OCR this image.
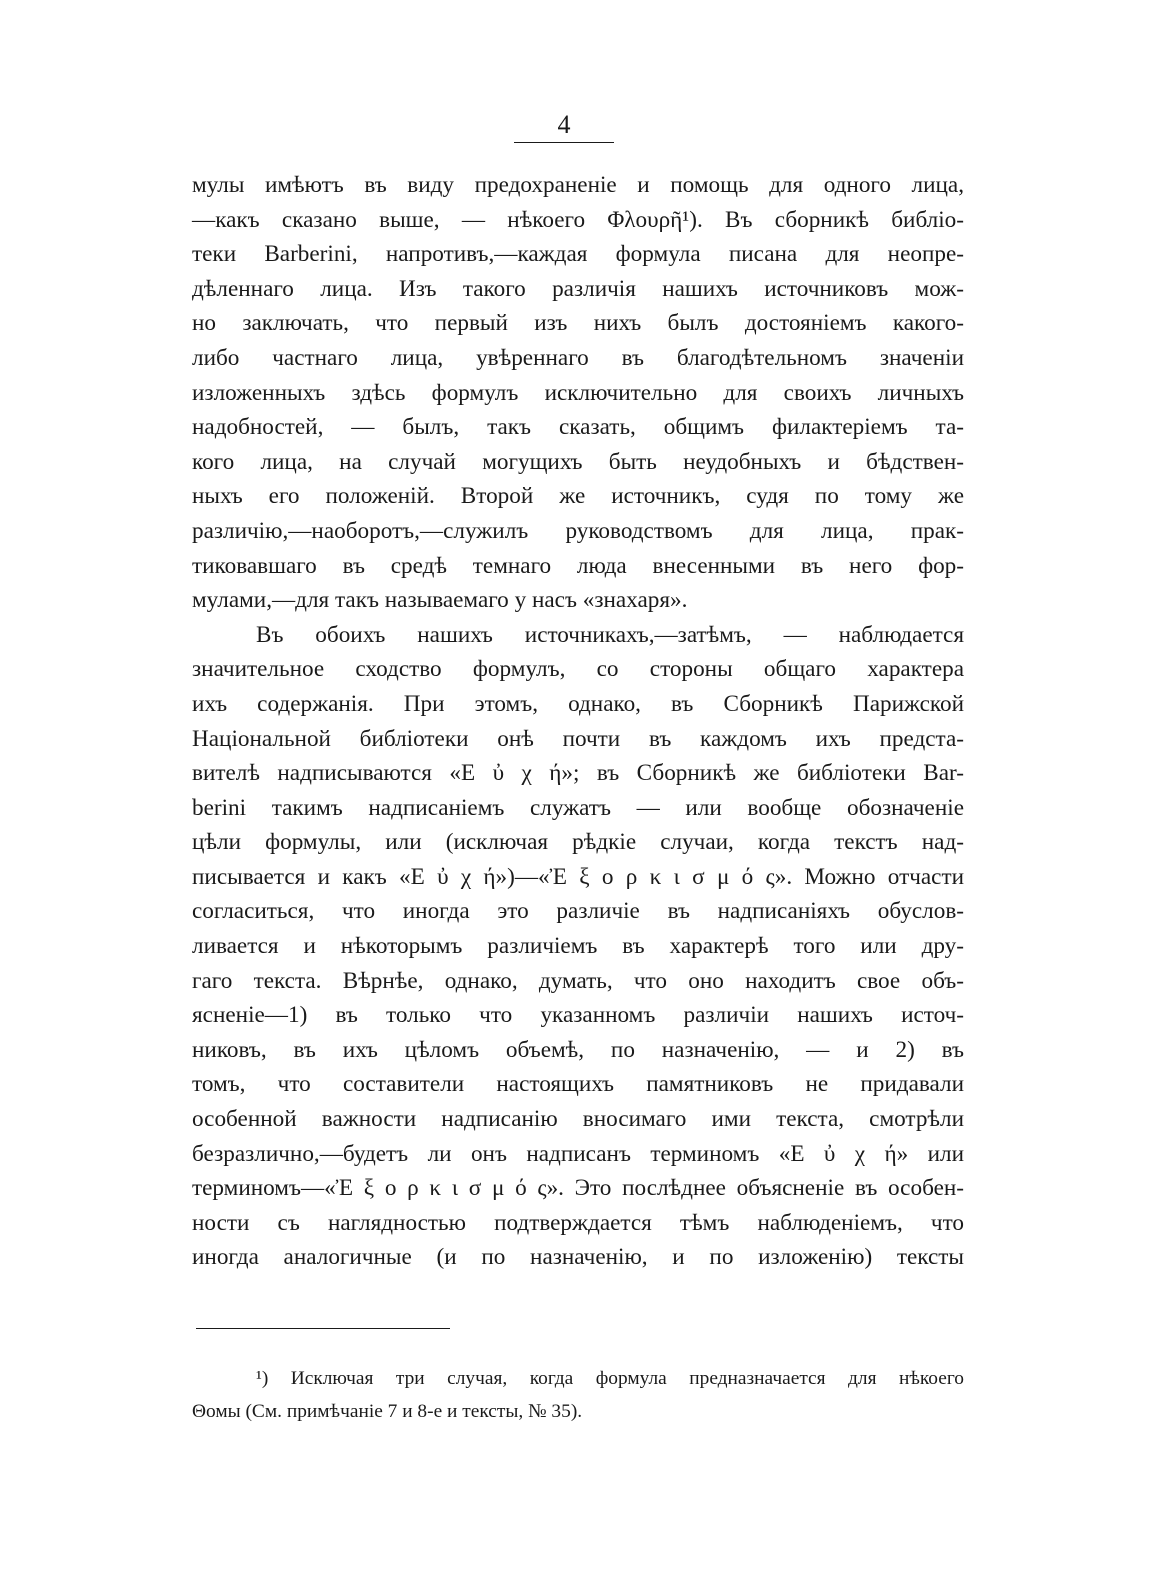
4
мулы имѣютъ въ виду предохраненіе и помощь для одного лица,
—какъ сказано выше, — нѣкоего Φλουρῆ¹). Въ сборникѣ библіо-
теки Barberini, напротивъ,—каждая формула писана для неопре-
дѣленнаго лица. Изъ такого различія нашихъ источниковъ мож-
но заключать, что первый изъ нихъ былъ достояніемъ какого-
либо частнаго лица, увѣреннаго въ благодѣтельномъ значеніи
изложенныхъ здѣсь формулъ исключительно для своихъ личныхъ
надобностей, — былъ, такъ сказать, общимъ филактеріемъ та-
кого лица, на случай могущихъ быть неудобныхъ и бѣдствен-
ныхъ его положеній. Второй же источникъ, судя по тому же
различію,—наоборотъ,—служилъ руководствомъ для лица, прак-
тиковавшаго въ средѣ темнаго люда внесенными въ него фор-
мулами,—для такъ называемаго у насъ «знахаря».
Въ обоихъ нашихъ источникахъ,—затѣмъ, — наблюдается
значительное сходство формулъ, со стороны общаго характера
ихъ содержанія. При этомъ, однако, въ Сборникѣ Парижской
Національной библіотеки онѣ почти въ каждомъ ихъ предста-
вителѣ надписываются «Ε ὐ χ ή»; въ Сборникѣ же библіотеки Bar-
berini такимъ надписаніемъ служатъ — или вообще обозначеніе
цѣли формулы, или (исключая рѣдкіе случаи, когда текстъ над-
писывается и какъ «Ε ὐ χ ή»)—«Ἐ ξ ο ρ κ ι σ μ ό ς». Можно отчасти
согласиться, что иногда это различіе въ надписаніяхъ обуслов-
ливается и нѣкоторымъ различіемъ въ характерѣ того или дру-
гаго текста. Вѣрнѣе, однако, думать, что оно находитъ свое объ-
ясненіе—1) въ только что указанномъ различіи нашихъ источ-
никовъ, въ ихъ цѣломъ объемѣ, по назначенію, — и 2) въ
томъ, что составители настоящихъ памятниковъ не придавали
особенной важности надписанію вносимаго ими текста, смотрѣли
безразлично,—будетъ ли онъ надписанъ терминомъ «Ε ὐ χ ή» или
терминомъ—«Ἐ ξ ο ρ κ ι σ μ ό ς». Это послѣднее объясненіе въ особен-
ности съ наглядностью подтверждается тѣмъ наблюденіемъ, что
иногда аналогичные (и по назначенію, и по изложенію) тексты
¹) Исключая три случая, когда формула предназначается для нѣкоего
Θомы (См. примѣчаніе 7 и 8-е и тексты, № 35).
